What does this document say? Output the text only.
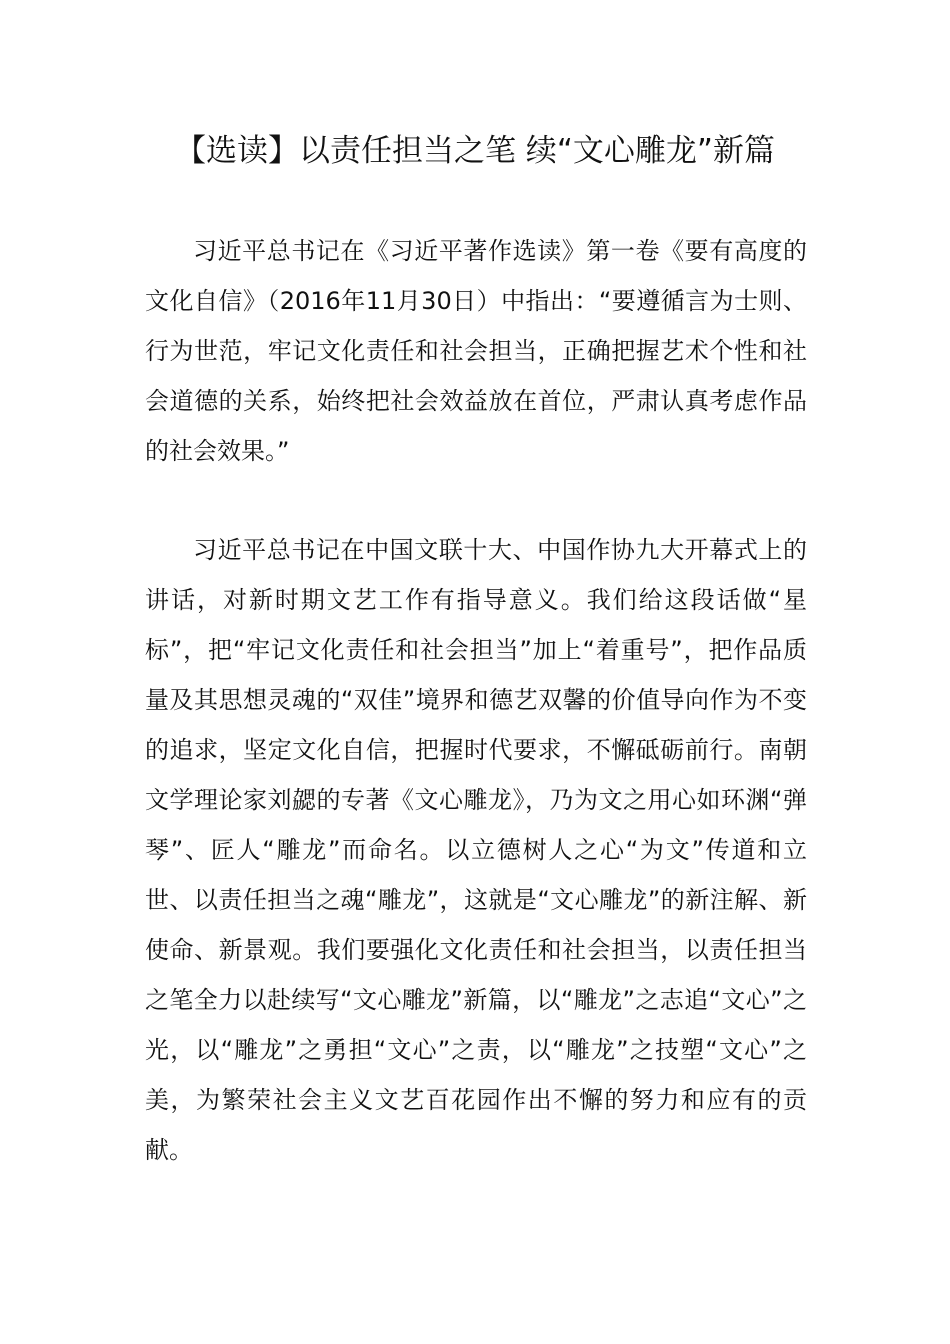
【选读】以责任担当之笔 续“文心雕龙”新篇

习近平总书记在《习近平著作选读》第一卷《要有高度的文化自信》（2016年11月30日）中指出：“要遵循言为士则、行为世范，牢记文化责任和社会担当，正确把握艺术个性和社会道德的关系，始终把社会效益放在首位，严肃认真考虑作品的社会效果。”

习近平总书记在中国文联十大、中国作协九大开幕式上的讲话，对新时期文艺工作有指导意义。我们给这段话做“星标”，把“牢记文化责任和社会担当”加上“着重号”，把作品质量及其思想灵魂的“双佳”境界和德艺双馨的价值导向作为不变的追求，坚定文化自信，把握时代要求，不懈砥砺前行。南朝文学理论家刘勰的专著《文心雕龙》，乃为文之用心如环渊“弹琴”、匠人“雕龙”而命名。以立德树人之心“为文”传道和立世、以责任担当之魂“雕龙”，这就是“文心雕龙”的新注解、新使命、新景观。我们要强化文化责任和社会担当，以责任担当之笔全力以赴续写“文心雕龙”新篇，以“雕龙”之志追“文心”之光，以“雕龙”之勇担“文心”之责，以“雕龙”之技塑“文心”之美，为繁荣社会主义文艺百花园作出不懈的努力和应有的贡献。
